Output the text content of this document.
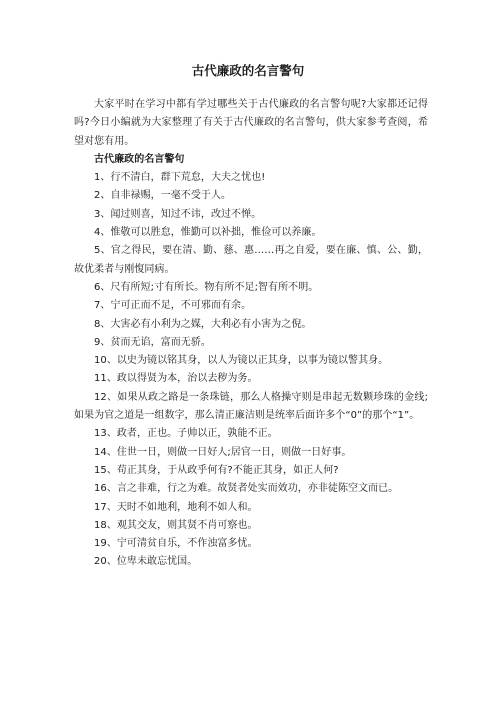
古代廉政的名言警句

大家平时在学习中都有学过哪些关于古代廉政的名言警句呢?大家都还记得吗?今日小编就为大家整理了有关于古代廉政的名言警句，供大家参考查阅，希望对您有用。

古代廉政的名言警句

1、行不清白，群下荒怠，大夫之忧也!

2、自非禄赐，一毫不受于人。

3、闻过则喜，知过不讳，改过不惮。

4、惟敬可以胜怠，惟勤可以补拙，惟俭可以养廉。

5、官之得民，要在清、勤、慈、惠……再之自爱，要在廉、慎、公、勤，故优柔者与刚愎同病。

6、尺有所短;寸有所长。物有所不足;智有所不明。

7、宁可正而不足，不可邪而有余。

8、大害必有小利为之媒，大利必有小害为之倪。

9、贫而无谄，富而无骄。

10、以史为镜以铭其身，以人为镜以正其身，以事为镜以警其身。

11、政以得贤为本，治以去秽为务。

12、如果从政之路是一条珠链，那么人格操守则是串起无数颗珍珠的金线;如果为官之道是一组数字，那么清正廉洁则是统率后面许多个“0”的那个“1”。

13、政者，正也。子帅以正，孰能不正。

14、住世一日，则做一日好人;居官一日，则做一日好事。

15、苟正其身，于从政乎何有?不能正其身，如正人何?

16、言之非难，行之为难。故贤者处实而效功，亦非徒陈空文而已。

17、天时不如地利，地利不如人和。

18、观其交友，则其贤不肖可察也。

19、宁可清贫自乐，不作浊富多忧。

20、位卑未敢忘忧国。
